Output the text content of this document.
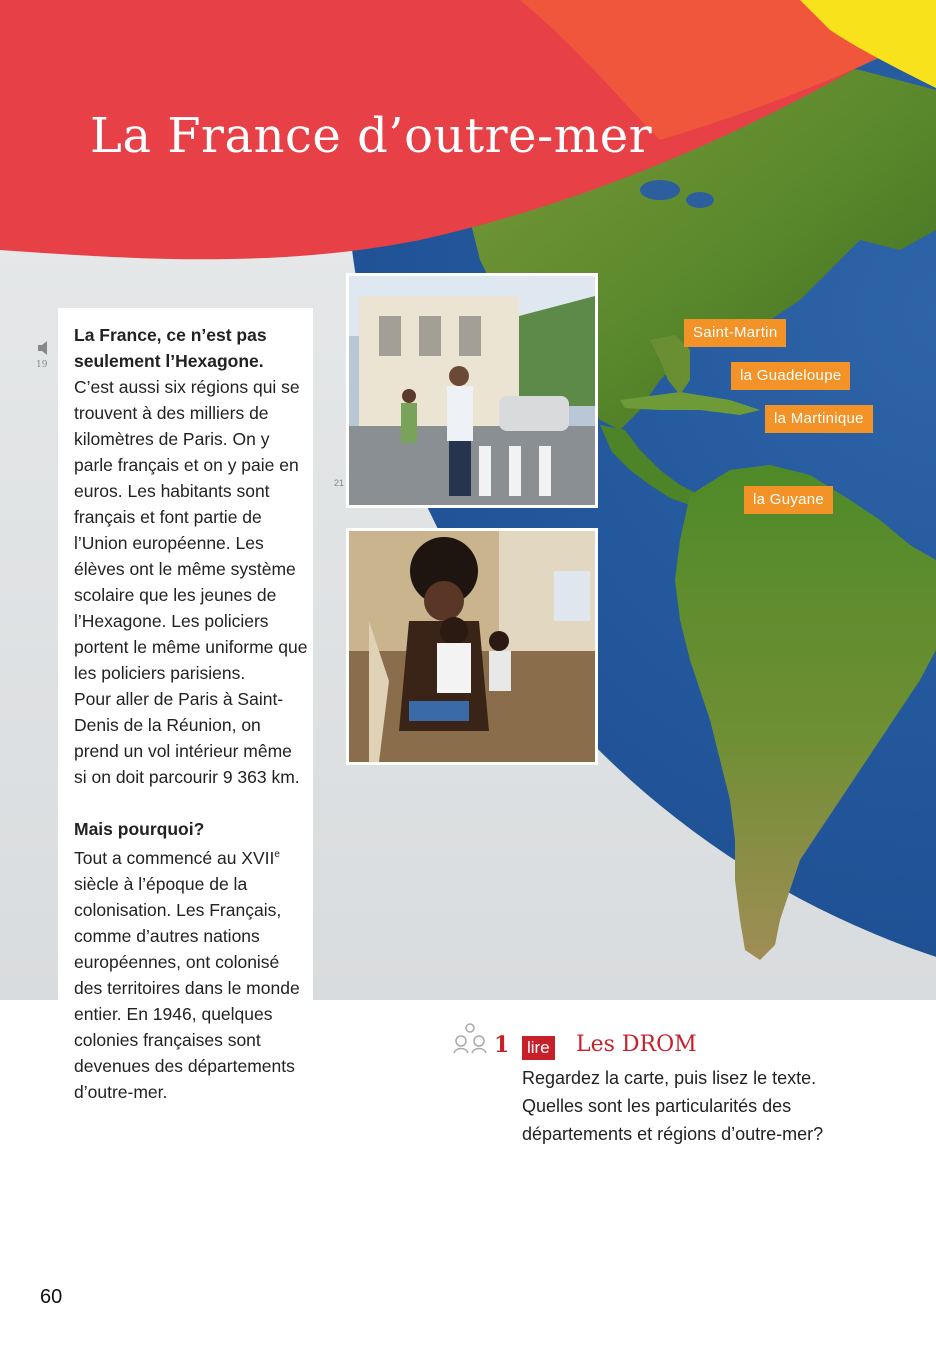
La France d’outre-mer
19

La France, ce n’est pas seulement l’Hexagone.

C’est aussi six régions qui se trouvent à des milliers de kilomètres de Paris. On y parle français et on y paie en euros. Les habitants sont français et font partie de l’Union européenne. Les élèves ont le même système scolaire que les jeunes de l’Hexagone. Les policiers portent le même uniforme que les policiers parisiens.

Pour aller de Paris à Saint-Denis de la Réunion, on prend un vol intérieur même si on doit parcourir 9 363 km.

Mais pourquoi?

Tout a commencé au XVIIe siècle à l’époque de la colonisation. Les Français, comme d’autres nations européennes, ont colonisé des territoires dans le monde entier. En 1946, quelques colonies françaises sont devenues des départements d’outre-mer.

21
Saint-Martin
la Guadeloupe
la Martinique
la Guyane
1 lire Les DROM
Regardez la carte, puis lisez le texte. Quelles sont les particularités des départements et régions d’outre-mer?
60
